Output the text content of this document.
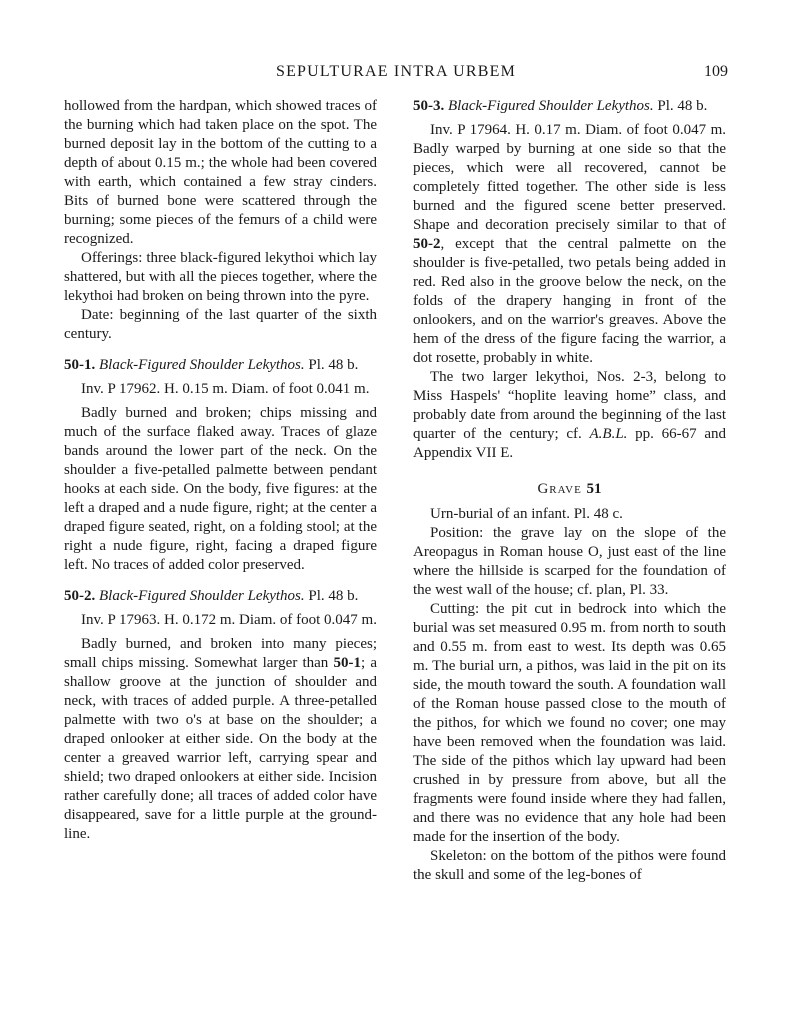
SEPULTURAE INTRA URBEM	109

hollowed from the hardpan, which showed traces of the burning which had taken place on the spot. The burned deposit lay in the bottom of the cutting to a depth of about 0.15 m.; the whole had been covered with earth, which contained a few stray cinders. Bits of burned bone were scattered through the burning; some pieces of the femurs of a child were recognized.

Offerings: three black-figured lekythoi which lay shattered, but with all the pieces together, where the lekythoi had broken on being thrown into the pyre.

Date: beginning of the last quarter of the sixth century.

50-1. Black-Figured Shoulder Lekythos. Pl. 48 b.

Inv. P 17962. H. 0.15 m. Diam. of foot 0.041 m.

Badly burned and broken; chips missing and much of the surface flaked away. Traces of glaze bands around the lower part of the neck. On the shoulder a five-petalled palmette between pendant hooks at each side. On the body, five figures: at the left a draped and a nude figure, right; at the center a draped figure seated, right, on a folding stool; at the right a nude figure, right, facing a draped figure left. No traces of added color preserved.

50-2. Black-Figured Shoulder Lekythos. Pl. 48 b.

Inv. P 17963. H. 0.172 m. Diam. of foot 0.047 m.

Badly burned, and broken into many pieces; small chips missing. Somewhat larger than 50-1; a shallow groove at the junction of shoulder and neck, with traces of added purple. A three-petalled palmette with two o's at base on the shoulder; a draped onlooker at either side. On the body at the center a greaved warrior left, carrying spear and shield; two draped onlookers at either side. Incision rather carefully done; all traces of added color have disappeared, save for a little purple at the ground-line.

50-3. Black-Figured Shoulder Lekythos. Pl. 48 b.

Inv. P 17964. H. 0.17 m. Diam. of foot 0.047 m. Badly warped by burning at one side so that the pieces, which were all recovered, cannot be completely fitted together. The other side is less burned and the figured scene better preserved. Shape and decoration precisely similar to that of 50-2, except that the central palmette on the shoulder is five-petalled, two petals being added in red. Red also in the groove below the neck, on the folds of the drapery hanging in front of the onlookers, and on the warrior's greaves. Above the hem of the dress of the figure facing the warrior, a dot rosette, probably in white.

The two larger lekythoi, Nos. 2-3, belong to Miss Haspels' “hoplite leaving home” class, and probably date from around the beginning of the last quarter of the century; cf. A.B.L. pp. 66-67 and Appendix VII E.

Grave 51

Urn-burial of an infant. Pl. 48 c.

Position: the grave lay on the slope of the Areopagus in Roman house O, just east of the line where the hillside is scarped for the foundation of the west wall of the house; cf. plan, Pl. 33.

Cutting: the pit cut in bedrock into which the burial was set measured 0.95 m. from north to south and 0.55 m. from east to west. Its depth was 0.65 m. The burial urn, a pithos, was laid in the pit on its side, the mouth toward the south. A foundation wall of the Roman house passed close to the mouth of the pithos, for which we found no cover; one may have been removed when the foundation was laid. The side of the pithos which lay upward had been crushed in by pressure from above, but all the fragments were found inside where they had fallen, and there was no evidence that any hole had been made for the insertion of the body.

Skeleton: on the bottom of the pithos were found the skull and some of the leg-bones of
